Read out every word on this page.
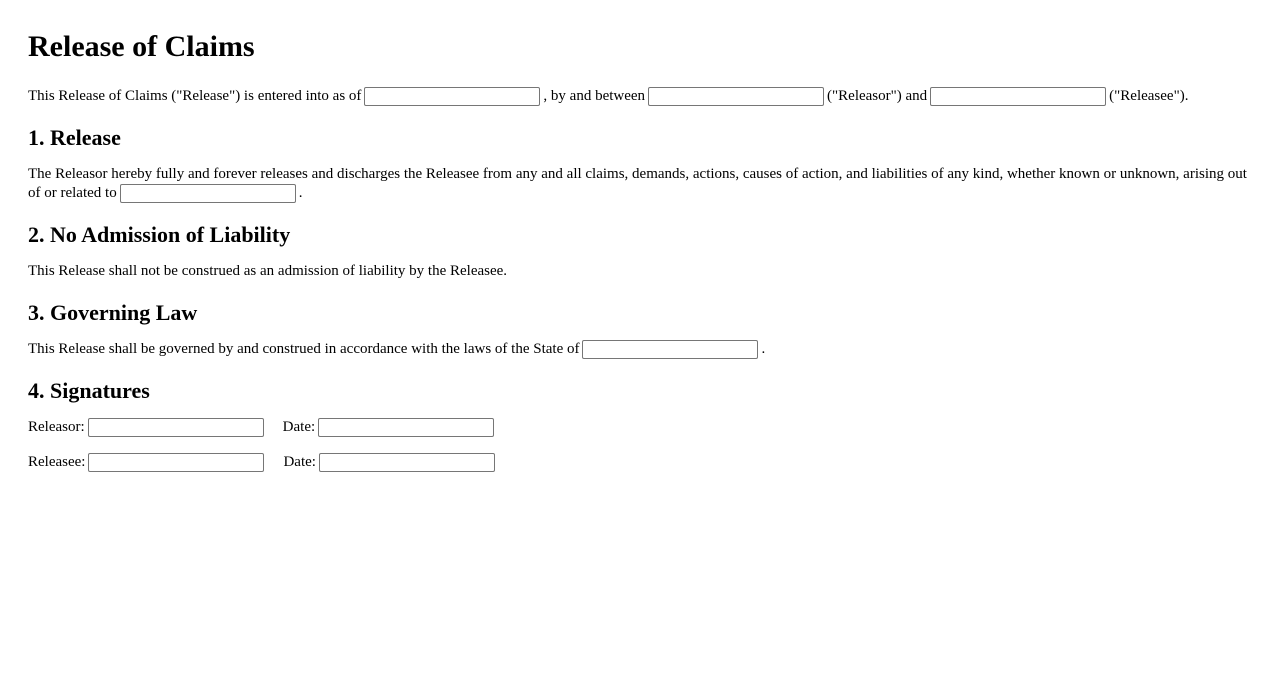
Release of Claims

This Release of Claims ("Release") is entered into as of	, by and between	("Releasor") and	("Releasee").

1. Release

The Releasor hereby fully and forever releases and discharges the Releasee from any and all claims, demands, actions, causes of action, and liabilities of any kind, whether known or unknown, arising out of or related to	.

2. No Admission of Liability

This Release shall not be construed as an admission of liability by the Releasee.

3. Governing Law

This Release shall be governed by and construed in accordance with the laws of the State of	.

4. Signatures
Releasor:	Date:
Releasee:	Date:
